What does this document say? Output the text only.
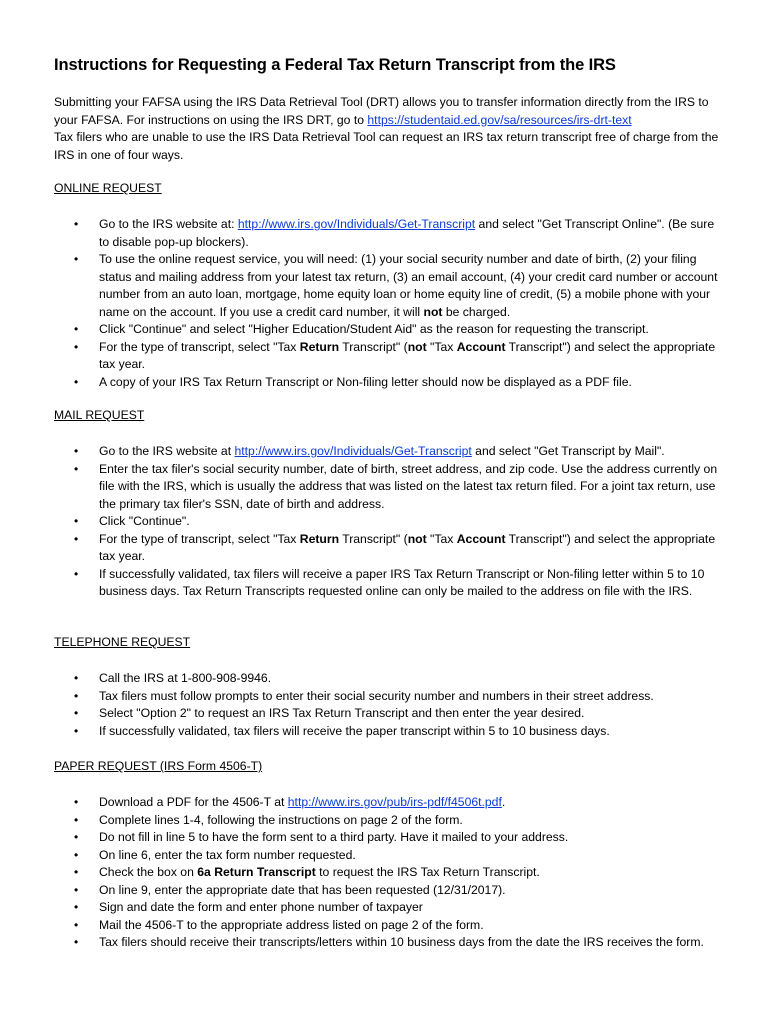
Instructions for Requesting a Federal Tax Return Transcript from the IRS
Submitting your FAFSA using the IRS Data Retrieval Tool (DRT) allows you to transfer information directly from the IRS to your FAFSA. For instructions on using the IRS DRT, go to https://studentaid.ed.gov/sa/resources/irs-drt-text
Tax filers who are unable to use the IRS Data Retrieval Tool can request an IRS tax return transcript free of charge from the IRS in one of four ways.
ONLINE REQUEST
• Go to the IRS website at: http://www.irs.gov/Individuals/Get-Transcript and select "Get Transcript Online". (Be sure to disable pop-up blockers).
• To use the online request service, you will need: (1) your social security number and date of birth, (2) your filing status and mailing address from your latest tax return, (3) an email account, (4) your credit card number or account number from an auto loan, mortgage, home equity loan or home equity line of credit, (5) a mobile phone with your name on the account. If you use a credit card number, it will not be charged.
• Click "Continue" and select "Higher Education/Student Aid" as the reason for requesting the transcript.
• For the type of transcript, select "Tax Return Transcript" (not "Tax Account Transcript") and select the appropriate tax year.
• A copy of your IRS Tax Return Transcript or Non-filing letter should now be displayed as a PDF file.
MAIL REQUEST
• Go to the IRS website at http://www.irs.gov/Individuals/Get-Transcript and select "Get Transcript by Mail".
• Enter the tax filer's social security number, date of birth, street address, and zip code. Use the address currently on file with the IRS, which is usually the address that was listed on the latest tax return filed. For a joint tax return, use the primary tax filer's SSN, date of birth and address.
• Click "Continue".
• For the type of transcript, select "Tax Return Transcript" (not "Tax Account Transcript") and select the appropriate tax year.
• If successfully validated, tax filers will receive a paper IRS Tax Return Transcript or Non-filing letter within 5 to 10 business days. Tax Return Transcripts requested online can only be mailed to the address on file with the IRS.
TELEPHONE REQUEST
• Call the IRS at 1-800-908-9946.
• Tax filers must follow prompts to enter their social security number and numbers in their street address.
• Select "Option 2" to request an IRS Tax Return Transcript and then enter the year desired.
• If successfully validated, tax filers will receive the paper transcript within 5 to 10 business days.
PAPER REQUEST (IRS Form 4506-T)
• Download a PDF for the 4506-T at http://www.irs.gov/pub/irs-pdf/f4506t.pdf.
• Complete lines 1-4, following the instructions on page 2 of the form.
• Do not fill in line 5 to have the form sent to a third party. Have it mailed to your address.
• On line 6, enter the tax form number requested.
• Check the box on 6a Return Transcript to request the IRS Tax Return Transcript.
• On line 9, enter the appropriate date that has been requested (12/31/2017).
• Sign and date the form and enter phone number of taxpayer
• Mail the 4506-T to the appropriate address listed on page 2 of the form.
• Tax filers should receive their transcripts/letters within 10 business days from the date the IRS receives the form.
